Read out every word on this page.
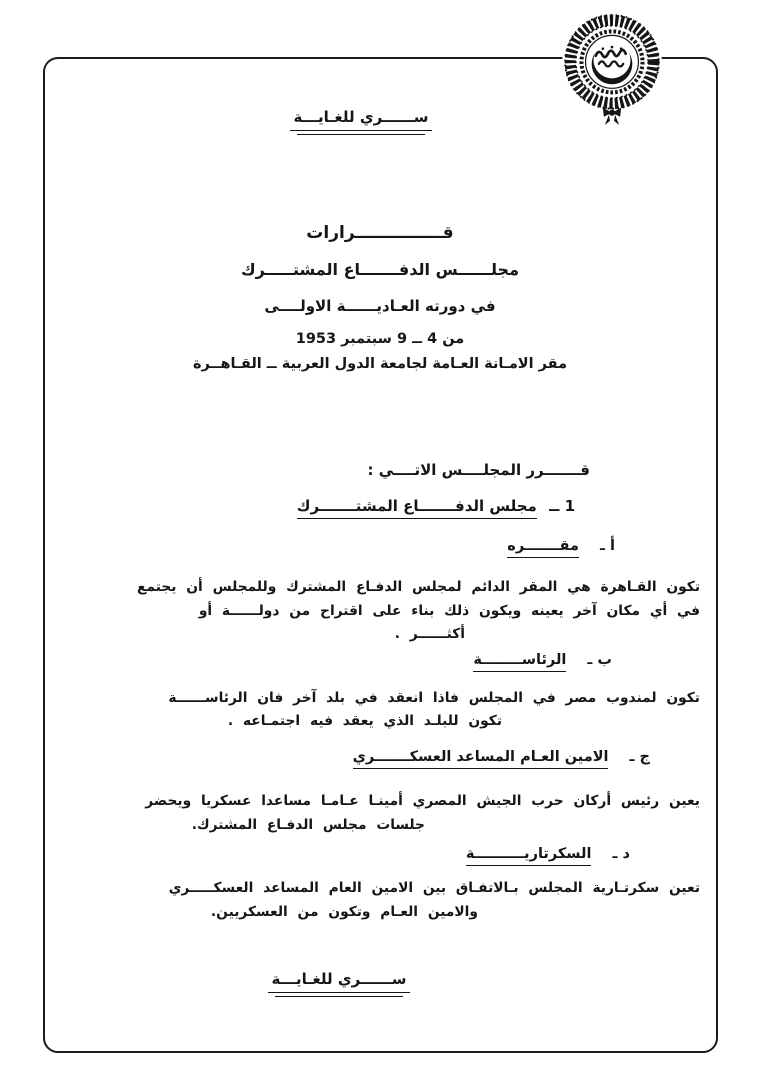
ســــــري للغـايـــة
قـــــــــــــــرارات
مجلــــــس الدفـــــــاع المشتـــــرك
في دورته العـاديــــــة الاولــــى
من 4 ــ 9 سبتمبر 1953
مقر الامـانة العـامة لجامعة الدول العربية ــ القـاهــرة
قـــــــرر المجلــــس الاتــــي :
1 ــ مجلس الدفـــــــاع المشتـــــــرك
أ ـ مقـــــــره
تكون القـاهرة هي المقر الدائم لمجلس الدفـاع المشترك وللمجلس أن يجتمع
في أي مكان آخر يعينه ويكون ذلك بناء على اقتراح من دولــــــة أو
أكثــــــر .
ب ـ الرئاســــــــة
تكون لمندوب مصر في المجلس فاذا انعقد في بلد آخر فان الرئاســــــة
تكون للبلـد الذي يعقد فيه اجتمـاعه .
ج ـ الامين العـام المساعد العسكـــــــري
يعين رئيس أركان حرب الجيش المصري أمينـا عـامـا مساعدا عسكريا ويحضر
جلسات مجلس الدفـاع المشترك.
د ـ السكرتاريــــــــــة
تعين سكرتـارية المجلس بـالاتفـاق بين الامين العام المساعد العسكـــــري
والامين العـام وتكون من العسكريين.
ســــــري للغـايـــة
